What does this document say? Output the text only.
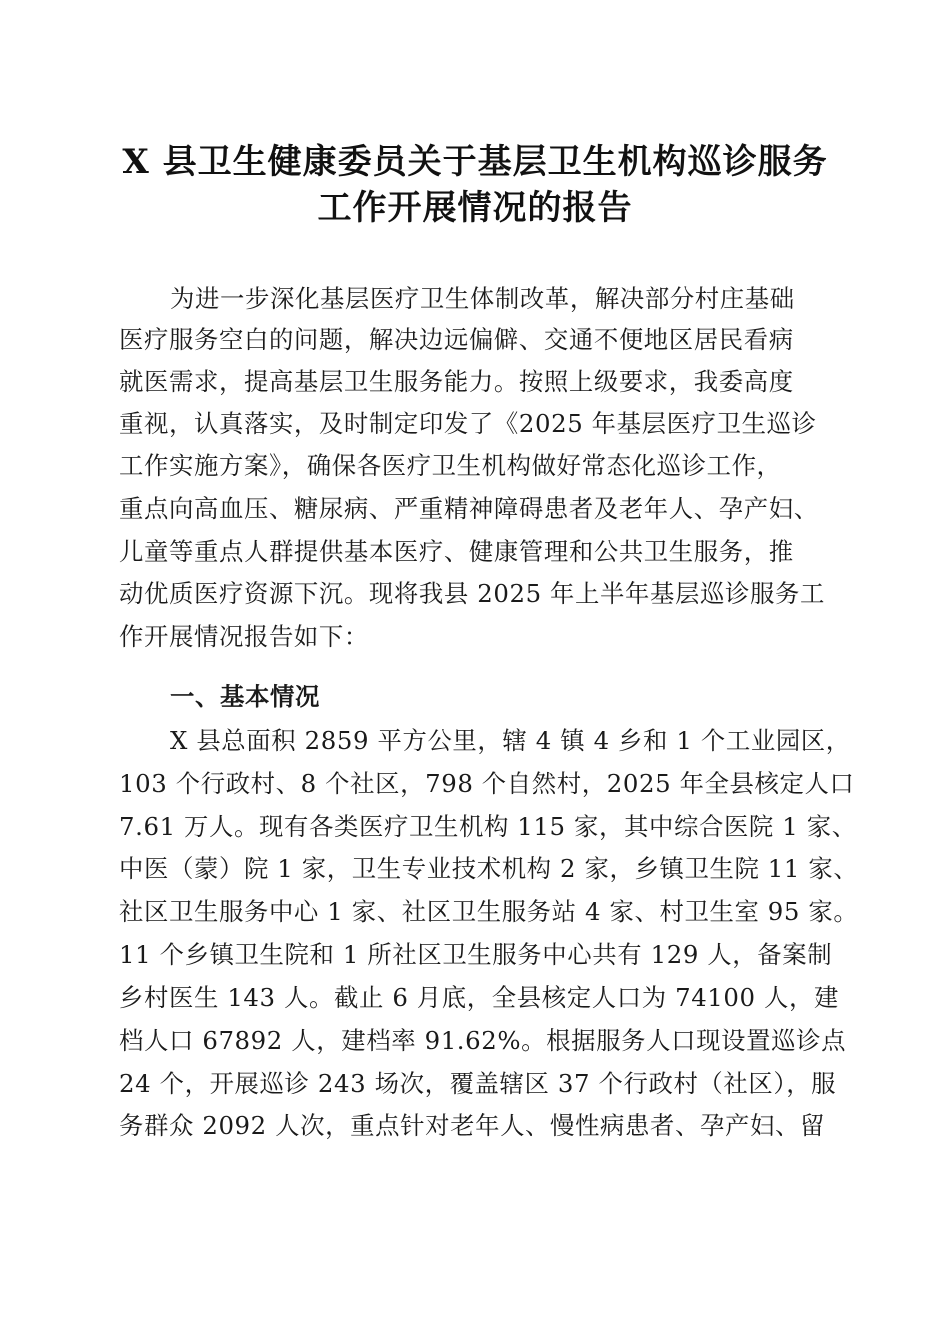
X 县卫生健康委员关于基层卫生机构巡诊服务
工作开展情况的报告

为进一步深化基层医疗卫生体制改革，解决部分村庄基础

医疗服务空白的问题，解决边远偏僻、交通不便地区居民看病

就医需求，提高基层卫生服务能力。按照上级要求，我委高度

重视，认真落实，及时制定印发了《2025 年基层医疗卫生巡诊

工作实施方案》，确保各医疗卫生机构做好常态化巡诊工作，

重点向高血压、糖尿病、严重精神障碍患者及老年人、孕产妇、

儿童等重点人群提供基本医疗、健康管理和公共卫生服务，推

动优质医疗资源下沉。现将我县 2025 年上半年基层巡诊服务工

作开展情况报告如下：

一、基本情况

X 县总面积 2859 平方公里，辖 4 镇 4 乡和 1 个工业园区，

103 个行政村、8 个社区，798 个自然村，2025 年全县核定人口

7.61 万人。现有各类医疗卫生机构 115 家，其中综合医院 1 家、

中医（蒙）院 1 家，卫生专业技术机构 2 家，乡镇卫生院 11 家、

社区卫生服务中心 1 家、社区卫生服务站 4 家、村卫生室 95 家。

11 个乡镇卫生院和 1 所社区卫生服务中心共有 129 人，备案制

乡村医生 143 人。截止 6 月底，全县核定人口为 74100 人，建

档人口 67892 人，建档率 91.62%。根据服务人口现设置巡诊点

24 个，开展巡诊 243 场次，覆盖辖区 37 个行政村（社区），服

务群众 2092 人次，重点针对老年人、慢性病患者、孕产妇、留
